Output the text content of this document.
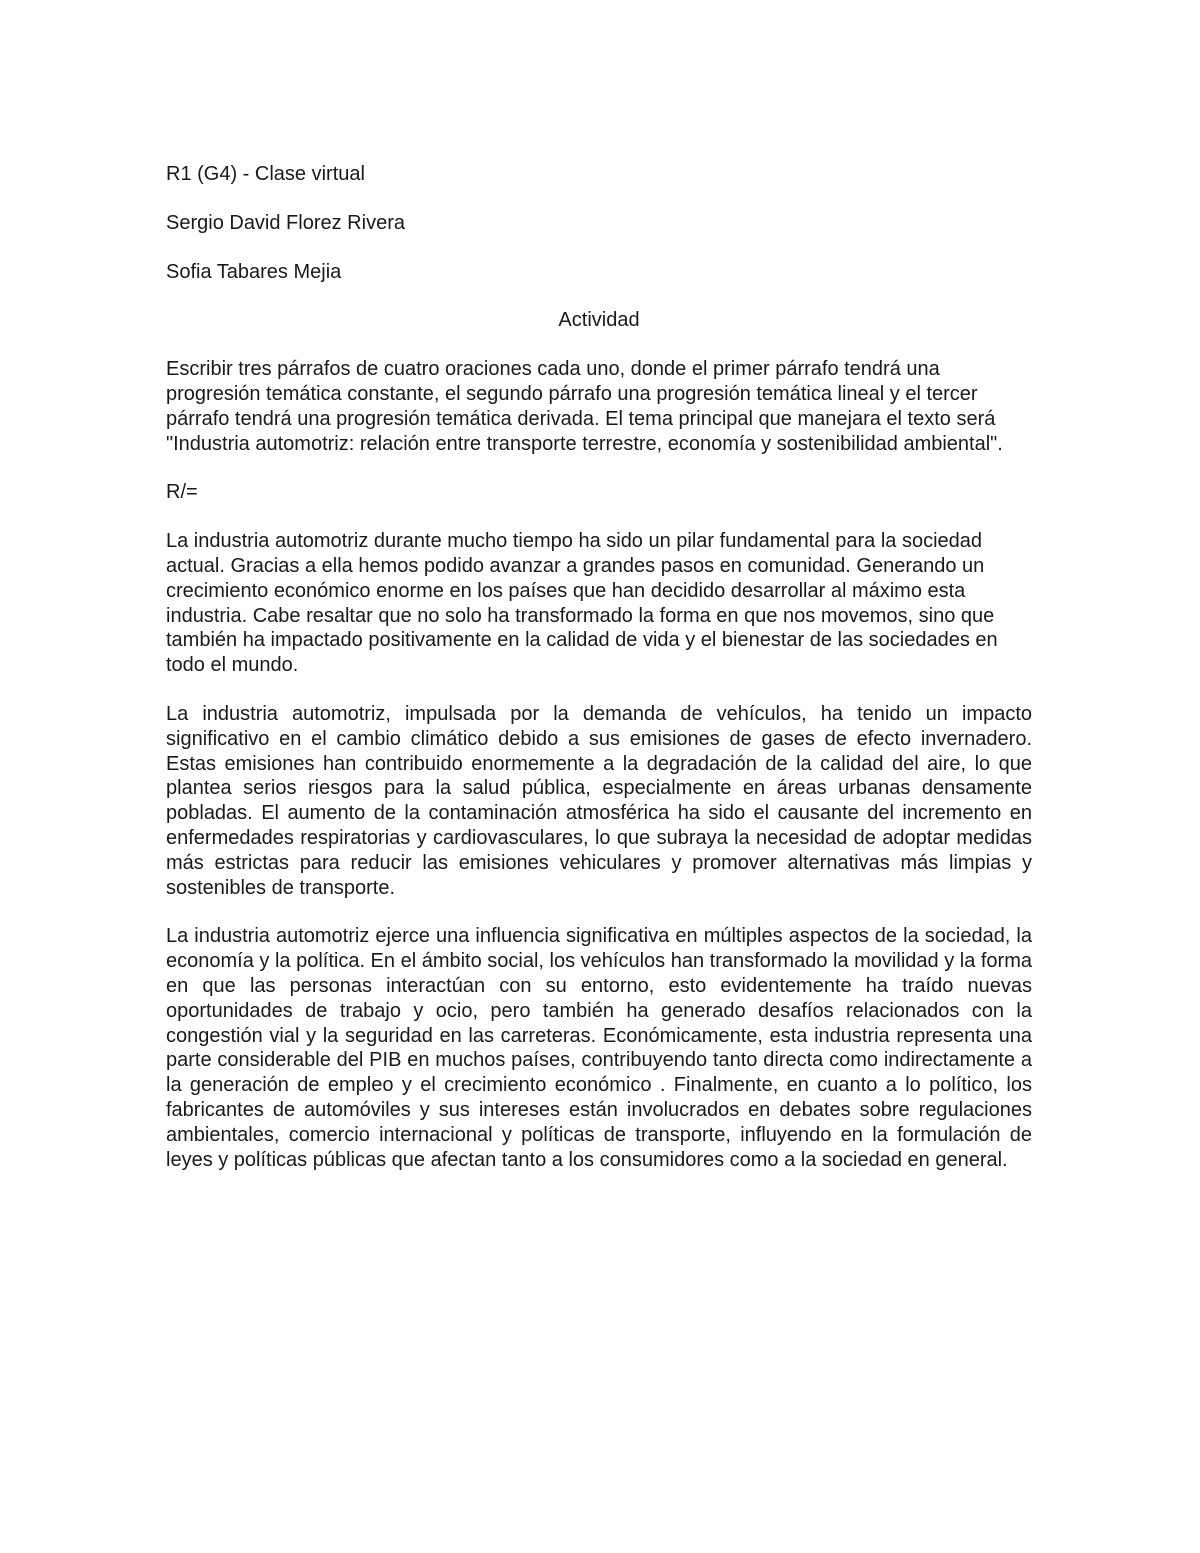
R1 (G4) - Clase virtual

Sergio David Florez Rivera

Sofia Tabares Mejia

Actividad

Escribir tres párrafos de cuatro oraciones cada uno, donde el primer párrafo tendrá una progresión temática constante, el segundo párrafo una progresión temática lineal y el tercer párrafo tendrá una progresión temática derivada. El tema principal que manejara el texto será "Industria automotriz: relación entre transporte terrestre, economía y sostenibilidad ambiental".

R/=

La industria automotriz durante mucho tiempo ha sido un pilar fundamental para la sociedad actual. Gracias a ella hemos podido avanzar a grandes pasos en comunidad. Generando un crecimiento económico enorme en los países que han decidido desarrollar al máximo esta industria. Cabe resaltar que no solo ha transformado la forma en que nos movemos, sino que también ha impactado positivamente en la calidad de vida y el bienestar de las sociedades en todo el mundo.

La industria automotriz, impulsada por la demanda de vehículos, ha tenido un impacto significativo en el cambio climático debido a sus emisiones de gases de efecto invernadero. Estas emisiones han contribuido enormemente a la degradación de la calidad del aire, lo que plantea serios riesgos para la salud pública, especialmente en áreas urbanas densamente pobladas. El aumento de la contaminación atmosférica ha sido el causante del incremento en enfermedades respiratorias y cardiovasculares, lo que subraya la necesidad de adoptar medidas más estrictas para reducir las emisiones vehiculares y promover alternativas más limpias y sostenibles de transporte.

La industria automotriz ejerce una influencia significativa en múltiples aspectos de la sociedad, la economía y la política. En el ámbito social, los vehículos han transformado la movilidad y la forma en que las personas interactúan con su entorno, esto evidentemente ha traído nuevas oportunidades de trabajo y ocio, pero también ha generado desafíos relacionados con la congestión vial y la seguridad en las carreteras. Económicamente, esta industria representa una parte considerable del PIB en muchos países, contribuyendo tanto directa como indirectamente a la generación de empleo y el crecimiento económico . Finalmente, en cuanto a lo político, los fabricantes de automóviles y sus intereses están involucrados en debates sobre regulaciones ambientales, comercio internacional y políticas de transporte, influyendo en la formulación de leyes y políticas públicas que afectan tanto a los consumidores como a la sociedad en general.
